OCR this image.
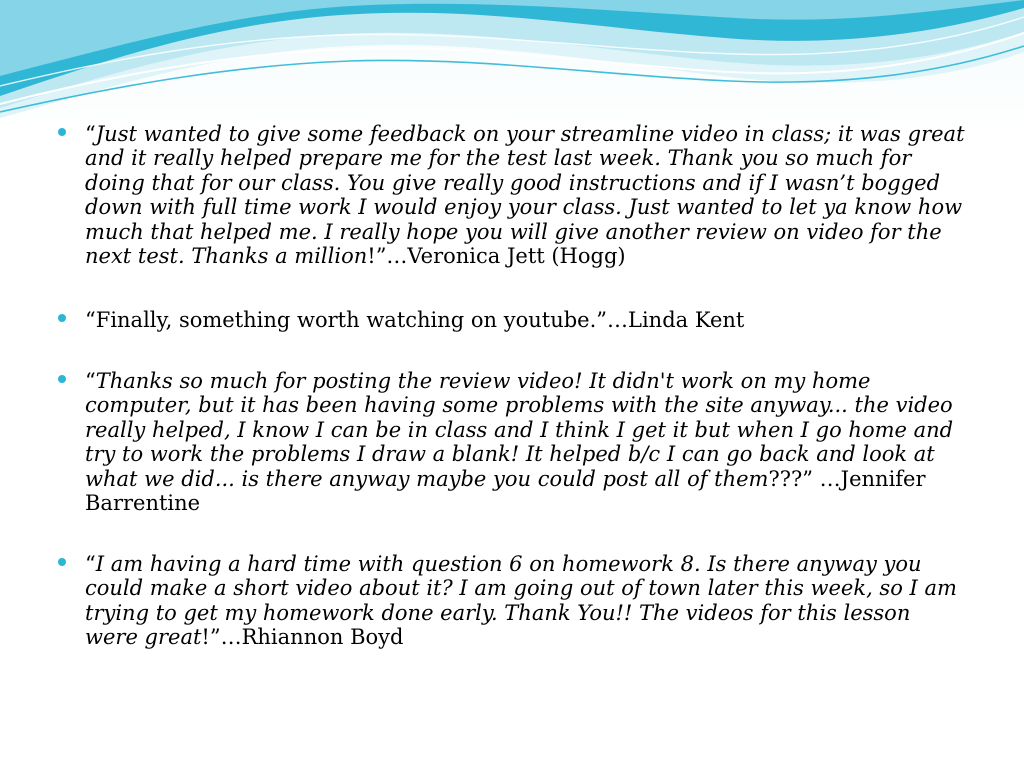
“Just wanted to give some feedback on your streamline video in class; it was great and it really helped prepare me for the test last week. Thank you so much for doing that for our class. You give really good instructions and if I wasn’t bogged down with full time work I would enjoy your class. Just wanted to let ya know how much that helped me. I really hope you will give another review on video for the next test. Thanks a million!”…Veronica Jett (Hogg)

“Finally, something worth watching on youtube.”…Linda Kent

“Thanks so much for posting the review video! It didn't work on my home computer, but it has been having some problems with the site anyway... the video really helped, I know I can be in class and I think I get it but when I go home and try to work the problems I draw a blank! It helped b/c I can go back and look at what we did... is there anyway maybe you could post all of them???” …Jennifer Barrentine

“I am having a hard time with question 6 on homework 8. Is there anyway you could make a short video about it? I am going out of town later this week, so I am trying to get my homework done early. Thank You!! The videos for this lesson were great!”…Rhiannon Boyd
